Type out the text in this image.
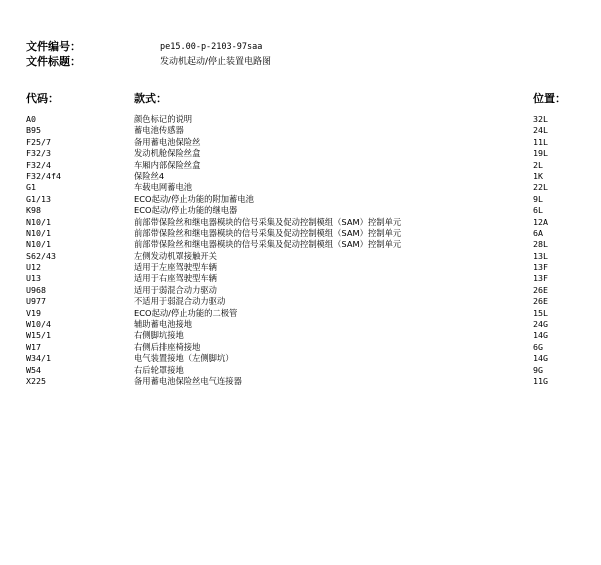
文件编号：	pe15.00-p-2103-97saa
文件标题：	发动机起动/停止装置电路图
代码：	款式：	位置：
A0	颜色标记的说明	32L
B95	蓄电池传感器	24L
F25/7	备用蓄电池保险丝	11L
F32/3	发动机舱保险丝盒	19L
F32/4	车厢内部保险丝盒	2L
F32/4f4	保险丝4	1K
G1	车载电网蓄电池	22L
G1/13	ECO起动/停止功能的附加蓄电池	9L
K98	ECO起动/停止功能的继电器	6L
N10/1	前部带保险丝和继电器模块的信号采集及促动控制模组（SAM）控制单元	12A
N10/1	前部带保险丝和继电器模块的信号采集及促动控制模组（SAM）控制单元	6A
N10/1	前部带保险丝和继电器模块的信号采集及促动控制模组（SAM）控制单元	28L
S62/43	左侧发动机罩接触开关	13L
U12	适用于左座驾驶型车辆	13F
U13	适用于右座驾驶型车辆	13F
U968	适用于弱混合动力驱动	26E
U977	不适用于弱混合动力驱动	26E
V19	ECO起动/停止功能的二极管	15L
W10/4	辅助蓄电池接地	24G
W15/1	右侧脚坑接地	14G
W17	右侧后排座椅接地	6G
W34/1	电气装置接地（左侧脚坑）	14G
W54	右后轮罩接地	9G
X225	备用蓄电池保险丝电气连接器	11G
